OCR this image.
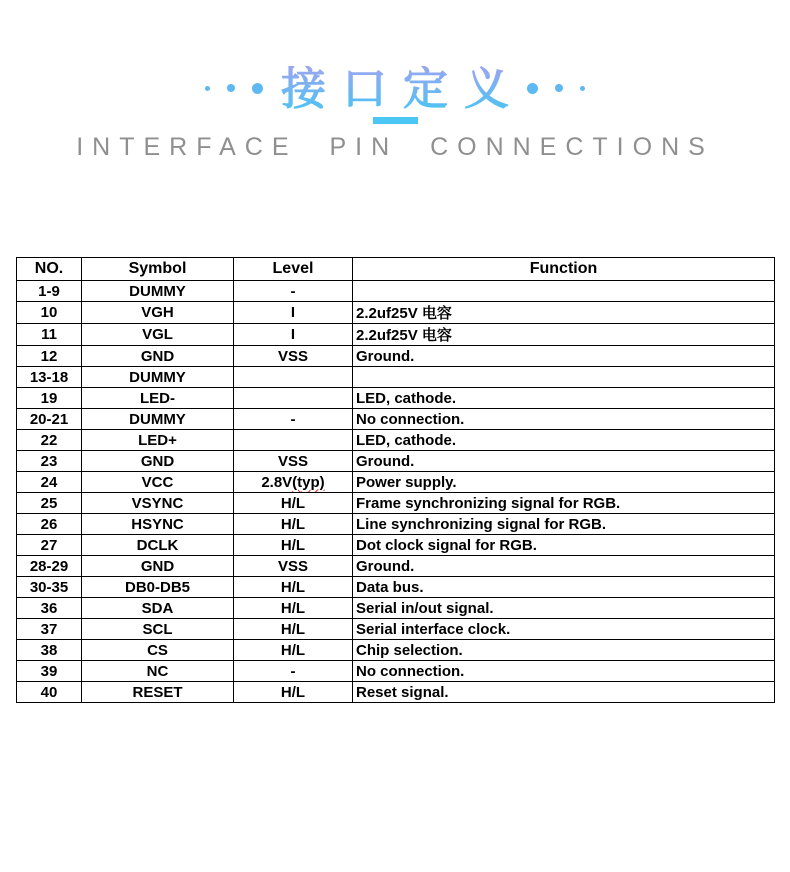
接口定义
INTERFACE PIN CONNECTIONS
NO.	Symbol	Level	Function
1-9	DUMMY	-	
10	VGH	I	2.2uf25V 电容
11	VGL	I	2.2uf25V 电容
12	GND	VSS	Ground.
13-18	DUMMY		
19	LED-		LED, cathode.
20-21	DUMMY	-	No connection.
22	LED+		LED, cathode.
23	GND	VSS	Ground.
24	VCC	2.8V(typ)	Power supply.
25	VSYNC	H/L	Frame synchronizing signal for RGB.
26	HSYNC	H/L	Line synchronizing signal for RGB.
27	DCLK	H/L	Dot clock signal for RGB.
28-29	GND	VSS	Ground.
30-35	DB0-DB5	H/L	Data bus.
36	SDA	H/L	Serial in/out signal.
37	SCL	H/L	Serial interface clock.
38	CS	H/L	Chip selection.
39	NC	-	No connection.
40	RESET	H/L	Reset signal.
